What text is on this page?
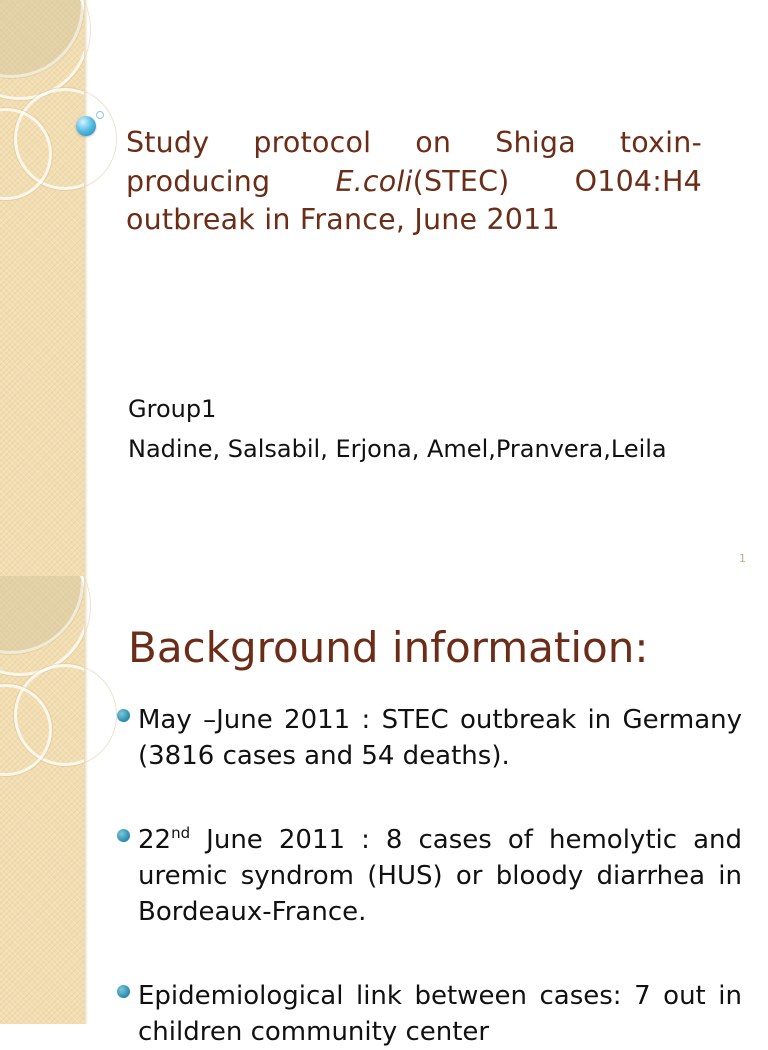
Study protocol on Shiga toxin-producing E.coli(STEC) O104:H4 outbreak in France, June 2011
Group1
Nadine, Salsabil, Erjona, Amel,Pranvera,Leila
1
Background information:
May –June 2011 : STEC outbreak in Germany (3816 cases and 54 deaths).
22nd June 2011 : 8 cases of hemolytic and uremic syndrom (HUS) or bloody diarrhea in Bordeaux-France.
Epidemiological link between cases: 7 out in children community center
